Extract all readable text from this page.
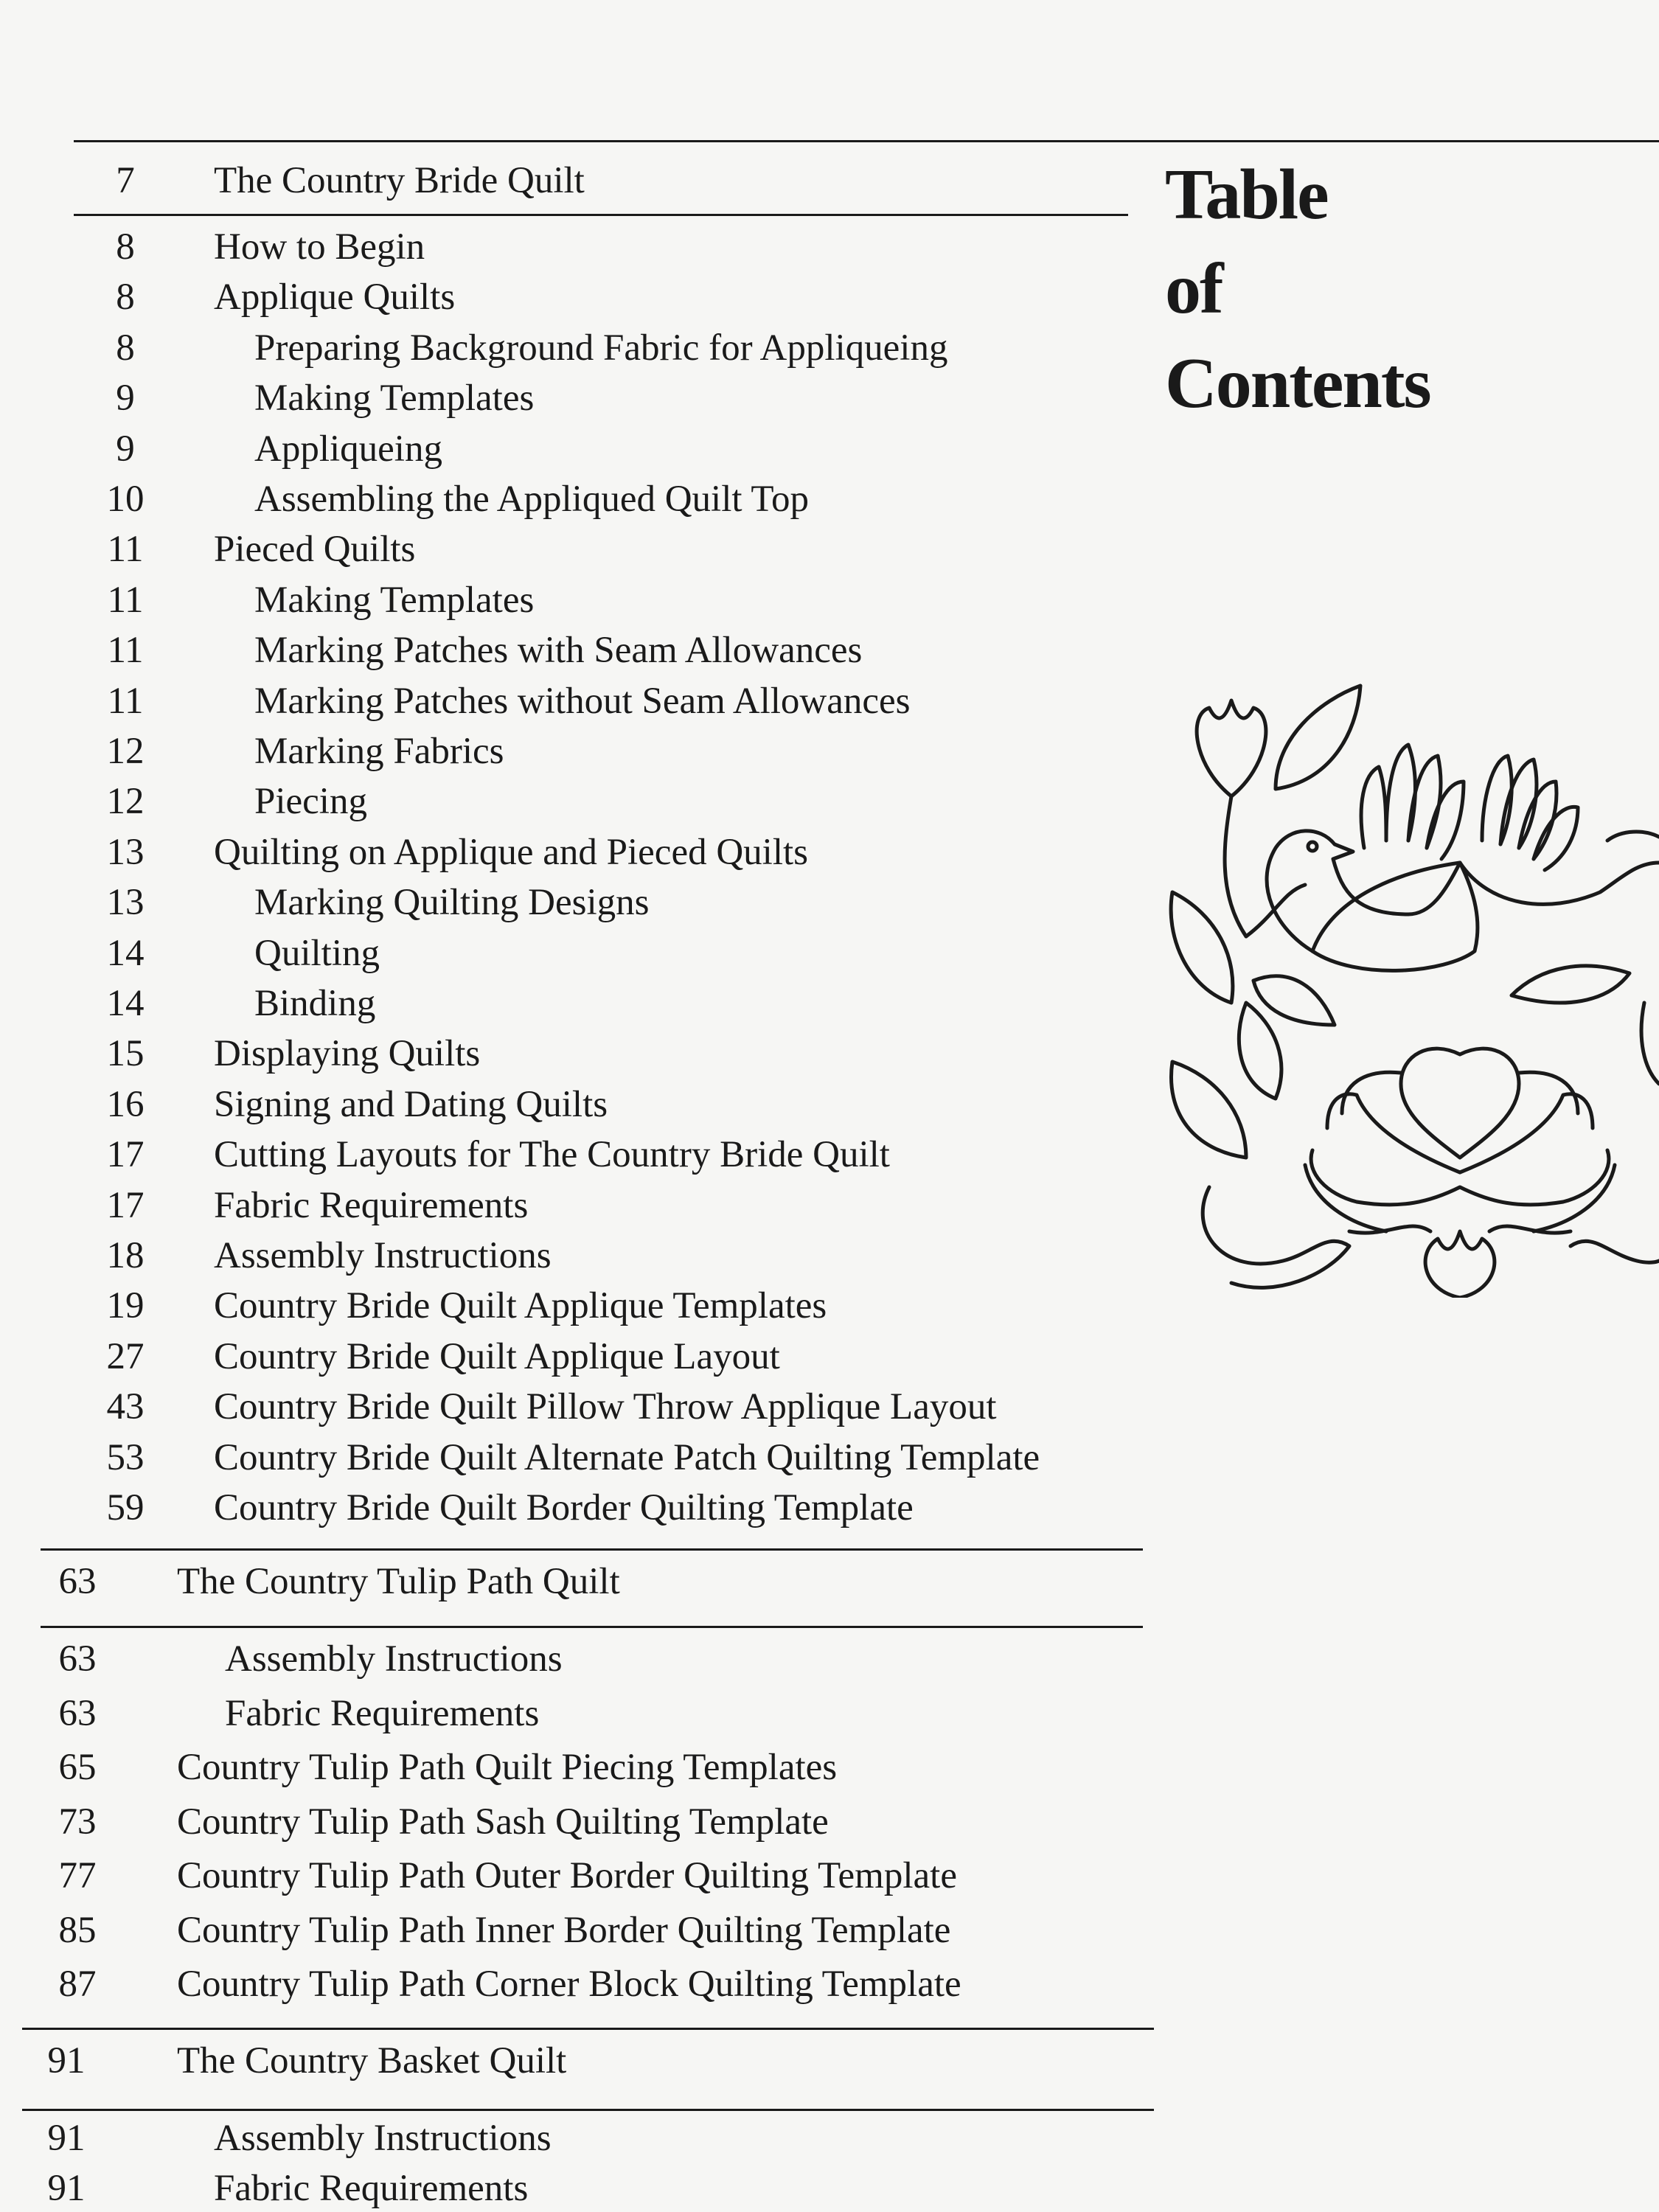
Table
of
Contents
7	The Country Bride Quilt
8	How to Begin
8	Applique Quilts
8	Preparing Background Fabric for Appliqueing
9	Making Templates
9	Appliqueing
10	Assembling the Appliqued Quilt Top
11	Pieced Quilts
11	Making Templates
11	Marking Patches with Seam Allowances
11	Marking Patches without Seam Allowances
12	Marking Fabrics
12	Piecing
13	Quilting on Applique and Pieced Quilts
13	Marking Quilting Designs
14	Quilting
14	Binding
15	Displaying Quilts
16	Signing and Dating Quilts
17	Cutting Layouts for The Country Bride Quilt
17	Fabric Requirements
18	Assembly Instructions
19	Country Bride Quilt Applique Templates
27	Country Bride Quilt Applique Layout
43	Country Bride Quilt Pillow Throw Applique Layout
53	Country Bride Quilt Alternate Patch Quilting Template
59	Country Bride Quilt Border Quilting Template
63	The Country Tulip Path Quilt
63	Assembly Instructions
63	Fabric Requirements
65	Country Tulip Path Quilt Piecing Templates
73	Country Tulip Path Sash Quilting Template
77	Country Tulip Path Outer Border Quilting Template
85	Country Tulip Path Inner Border Quilting Template
87	Country Tulip Path Corner Block Quilting Template
91	The Country Basket Quilt
91	Assembly Instructions
91	Fabric Requirements
